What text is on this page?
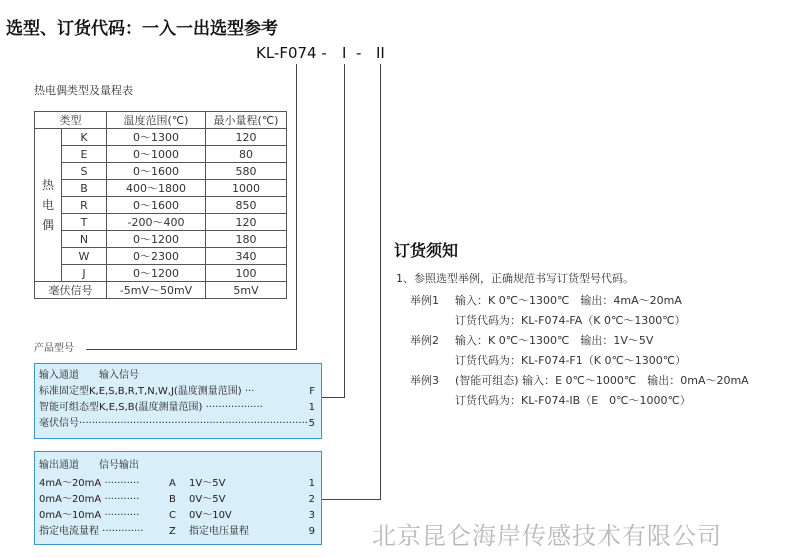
选型、订货代码：一入一出选型参考
KL-F074 - I - II
热电偶类型及量程表
类型		温度范围(℃)	最小量程(℃)

热
电
偶	K	0～1300	120
	E	0～1000	80
	S	0～1600	580
	B	400～1800	1000
	R	0～1600	850
	T	-200～400	120
	N	0～1200	180
	W	0～2300	340
	J	0～1200	100
毫伏信号		-5mV～50mV	5mV
产品型号
输入通道　　输入信号
标准固定型K,E,S,B,R,T,N,W,J(温度测量范围) ···	F
智能可组态型K,E,S,B(温度测量范围) ··················	1
毫伏信号········································································ 5
输出通道　　信号输出
4mA～20mA ···········	A 1V～5V	1
0mA～20mA ···········	B 0V～5V	2
0mA～10mA ···········	C 0V～10V	3
指定电流量程 ·············	Z 指定电压量程	9
订货须知
1、参照选型举例，正确规范书写订货型号代码。
举例1 输入：K 0℃～1300℃　输出：4mA～20mA
订货代码为：KL-F074-FA（K 0℃～1300℃）
举例2 输入：K 0℃～1300℃　输出：1V～5V
订货代码为：KL-F074-F1（K 0℃～1300℃）
举例3 (智能可组态) 输入：E 0℃～1000℃　输出：0mA～20mA
订货代码为：KL-F074-IB（E　0℃～1000℃）
北京昆仑海岸传感技术有限公司
